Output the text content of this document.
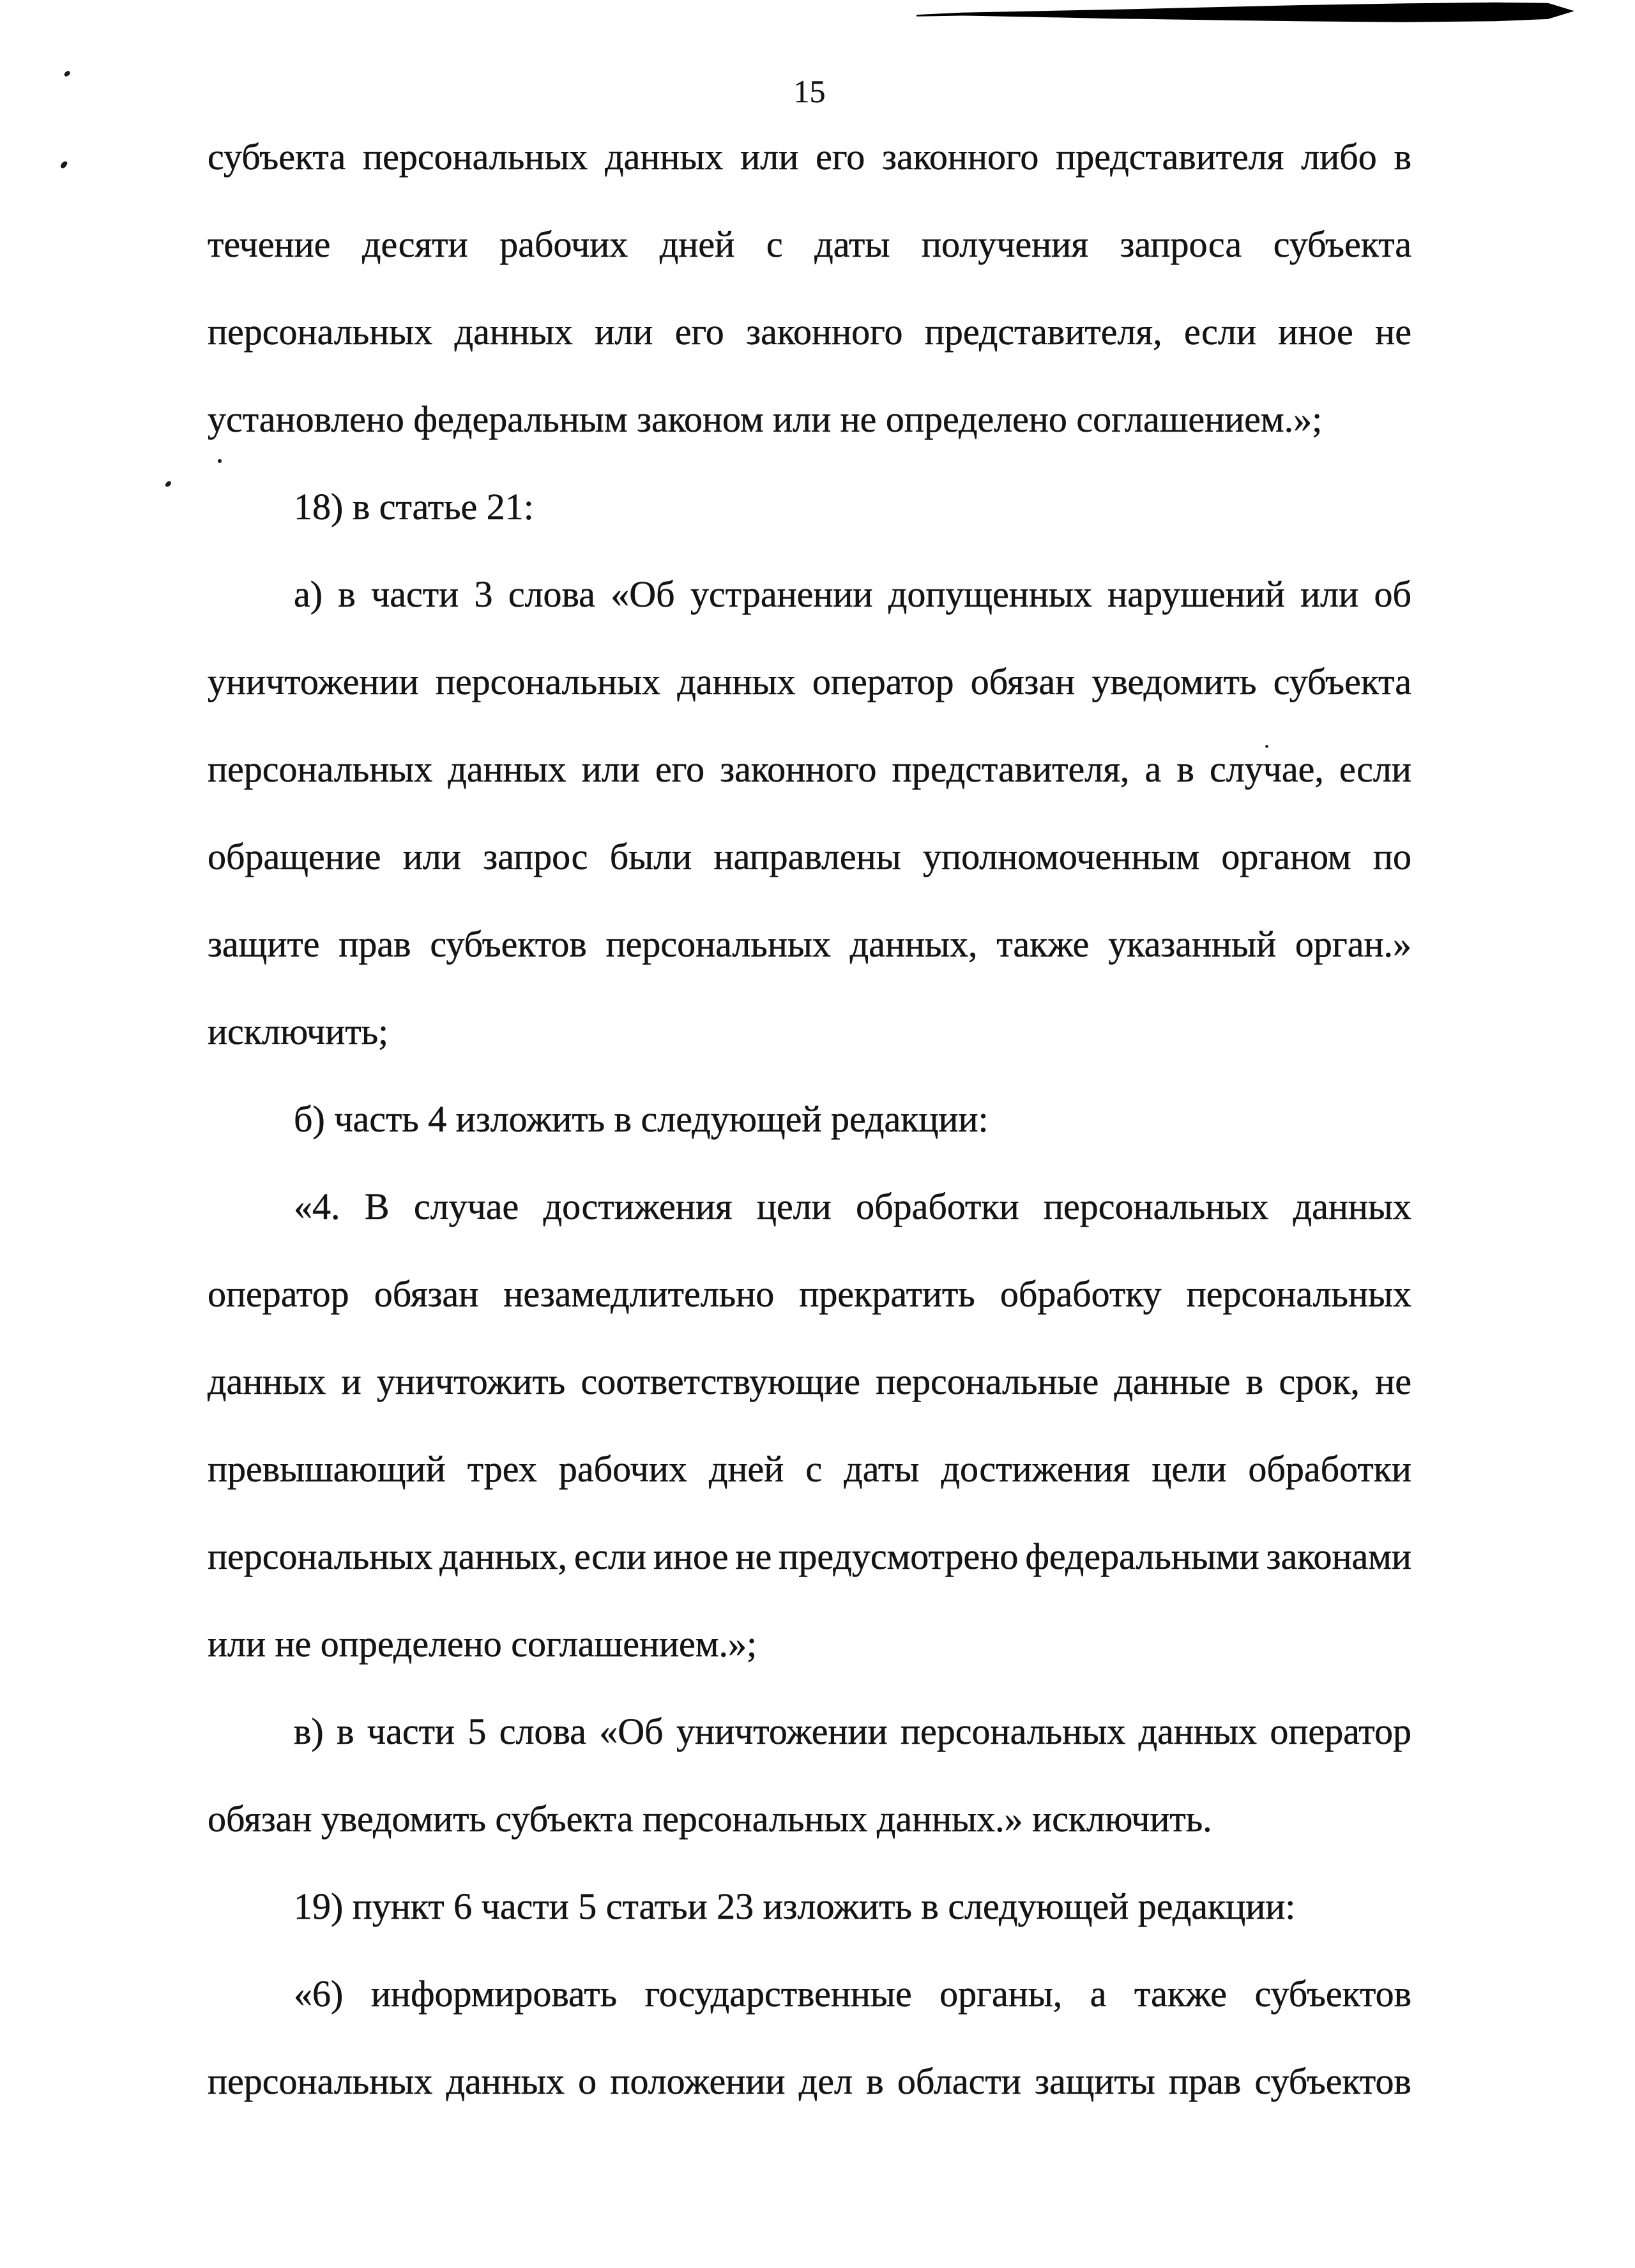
15
субъекта персональных данных или его законного представителя либо в
течение десяти рабочих дней с даты получения запроса субъекта
персональных данных или его законного представителя, если иное не
установлено федеральным законом или не определено соглашением.»;
18) в статье 21:
а) в части 3 слова «Об устранении допущенных нарушений или об
уничтожении персональных данных оператор обязан уведомить субъекта
персональных данных или его законного представителя, а в случае, если
обращение или запрос были направлены уполномоченным органом по
защите прав субъектов персональных данных, также указанный орган.»
исключить;
б) часть 4 изложить в следующей редакции:
«4. В случае достижения цели обработки персональных данных
оператор обязан незамедлительно прекратить обработку персональных
данных и уничтожить соответствующие персональные данные в срок, не
превышающий трех рабочих дней с даты достижения цели обработки
персональных данных, если иное не предусмотрено федеральными законами
или не определено соглашением.»;
в) в части 5 слова «Об уничтожении персональных данных оператор
обязан уведомить субъекта персональных данных.» исключить.
19) пункт 6 части 5 статьи 23 изложить в следующей редакции:
«6) информировать государственные органы, а также субъектов
персональных данных о положении дел в области защиты прав субъектов
